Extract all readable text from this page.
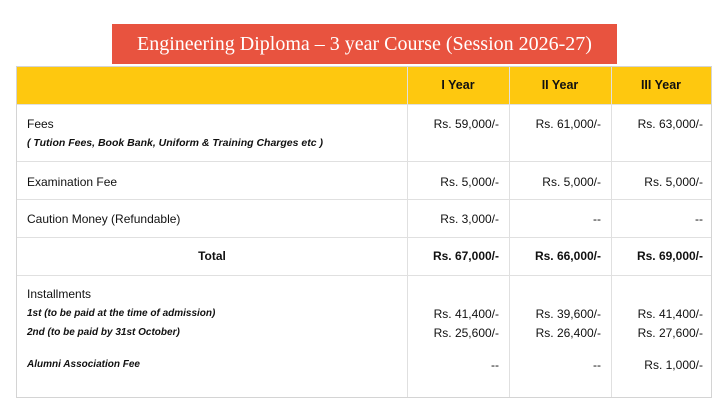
Engineering Diploma – 3 year Course (Session 2026-27)
I Year	II Year	III Year
Fees
( Tution Fees, Book Bank, Uniform & Training Charges etc )
Rs. 59,000/-	Rs. 61,000/-	Rs. 63,000/-
Examination Fee	Rs. 5,000/-	Rs. 5,000/-	Rs. 5,000/-
Caution Money (Refundable)	Rs. 3,000/-	--	--
Total	Rs. 67,000/-	Rs. 66,000/-	Rs. 69,000/-
Installments
1st (to be paid at the time of admission)
2nd (to be paid by 31st October)
Rs. 41,400/-	Rs. 39,600/-	Rs. 41,400/-
Rs. 25,600/-	Rs. 26,400/-	Rs. 27,600/-
Alumni Association Fee	--	--	Rs. 1,000/-
